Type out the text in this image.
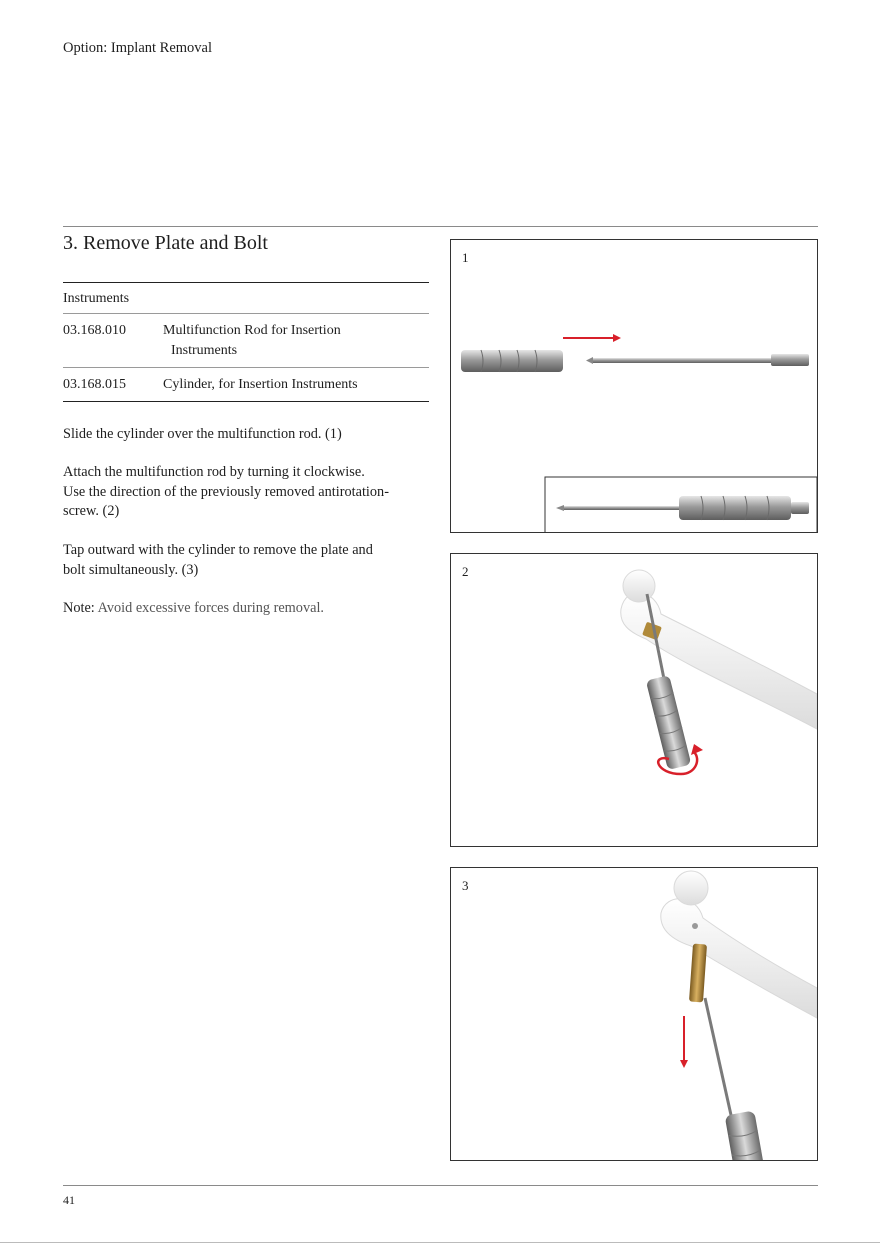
Option: Implant Removal
3. Remove Plate and Bolt
Instruments
03.168.010	Multifunction Rod for Insertion
Instruments
03.168.015	Cylinder, for Insertion Instruments
Slide the cylinder over the multifunction rod. (1)
Attach the multifunction rod by turning it clockwise.
Use the direction of the previously removed antirotation-
screw. (2)
Tap outward with the cylinder to remove the plate and
bolt simultaneously. (3)
Note: Avoid excessive forces during removal.
1
2
3
41
